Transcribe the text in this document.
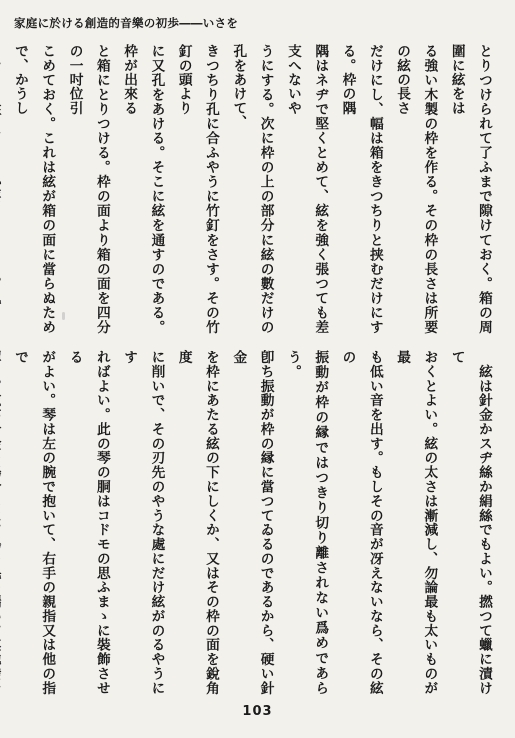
家庭に於ける創造的音樂の初歩――いさを
とりつけられて了ふまで隙けておく。箱の周圍に絃をは
る強い木製の枠を作る。その枠の長さは所要の絃の長さ
だけにし、幅は箱をきつちりと挟むだけにする。枠の隅
隅はネヂで堅くとめて、絃を強く張つても差支へないや
うにする。次に枠の上の部分に絃の數だけの孔をあけて、
きつちり孔に合ふやうに竹釘をさす。その竹釘の頭より
に又孔をあける。そこに絃を通すのである。枠が出來る
と箱にとりつける。枠の面より箱の面を四分の一吋位引
こめておく。これは絃が箱の面に當らぬためで、かうし
　絃は針金かスヂ絲か絹絲でもよい。撚つて蠟に漬けて
おくとよい。絃の太さは漸減し、勿論最も太いものが最
も低い音を出す。もしその音が冴えないなら、その絃の
振動が枠の縁ではつきり切り離されない爲めであらう。
卽ち振動が枠の縁に當つてゐるのであるから、硬い針金
を枠にあたる絃の下にしくか、又はその枠の面を銳角度
に削いで、その刃先のやうな處にだけ絃がのるやうにす
ればよい。此の琴の胴はコドモの思ふまゝに裝飾させる
がよい。琴は左の腕で抱いて、右手の親指又は他の指で
103
